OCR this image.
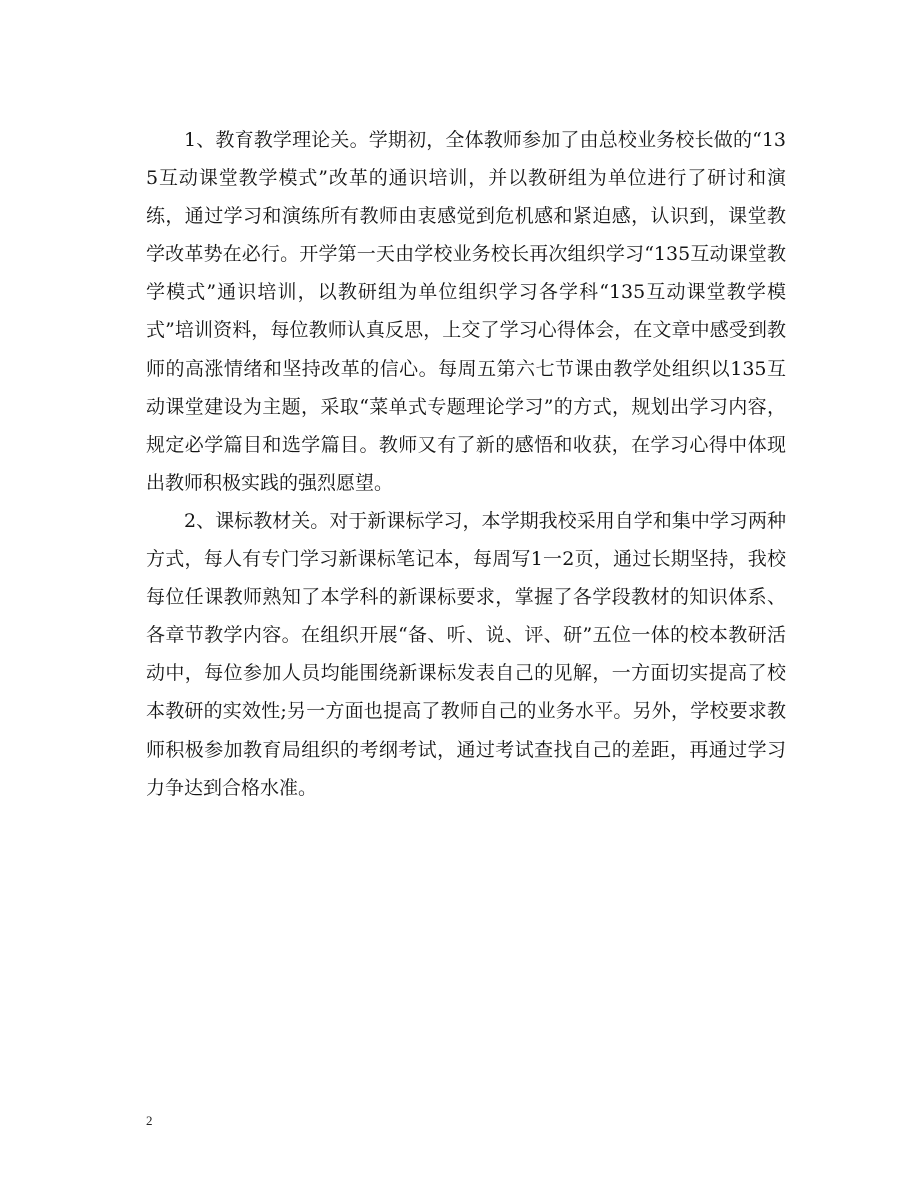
1、教育教学理论关。学期初，全体教师参加了由总校业务校长做的“135互动课堂教学模式”改革的通识培训，并以教研组为单位进行了研讨和演练，通过学习和演练所有教师由衷感觉到危机感和紧迫感，认识到，课堂教学改革势在必行。开学第一天由学校业务校长再次组织学习“135互动课堂教学模式”通识培训，以教研组为单位组织学习各学科“135互动课堂教学模式”培训资料，每位教师认真反思，上交了学习心得体会，在文章中感受到教师的高涨情绪和坚持改革的信心。每周五第六七节课由教学处组织以135互动课堂建设为主题，采取“菜单式专题理论学习”的方式，规划出学习内容，规定必学篇目和选学篇目。教师又有了新的感悟和收获，在学习心得中体现出教师积极实践的强烈愿望。

2、课标教材关。对于新课标学习，本学期我校采用自学和集中学习两种方式，每人有专门学习新课标笔记本，每周写1一2页，通过长期坚持，我校每位任课教师熟知了本学科的新课标要求，掌握了各学段教材的知识体系、各章节教学内容。在组织开展“备、听、说、评、研”五位一体的校本教研活动中，每位参加人员均能围绕新课标发表自己的见解，一方面切实提高了校本教研的实效性;另一方面也提高了教师自己的业务水平。另外，学校要求教师积极参加教育局组织的考纲考试，通过考试查找自己的差距，再通过学习力争达到合格水准。

2
